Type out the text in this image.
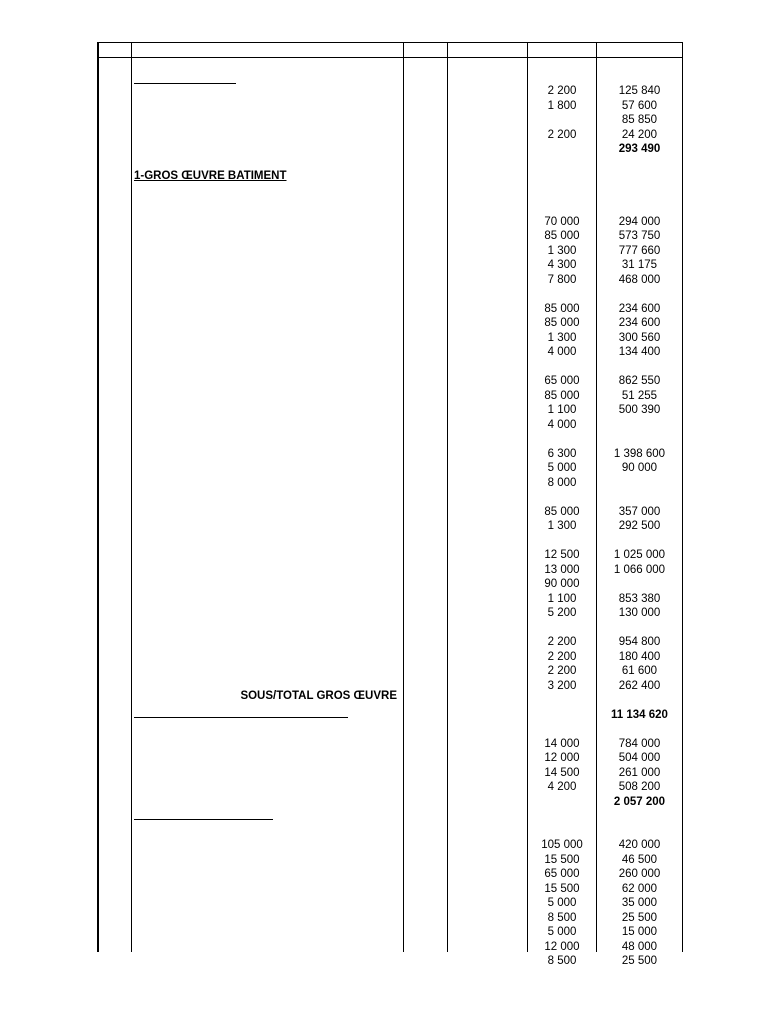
1-GROS ŒUVRE BATIMENT
SOUS/TOTAL GROS ŒUVRE
2 200
1 800
2 200
70 000
85 000
1 300
4 300
7 800
85 000
85 000
1 300
4 000
65 000
85 000
1 100
4 000
6 300
5 000
8 000
85 000
1 300
12 500
13 000
90 000
1 100
5 200
2 200
2 200
2 200
3 200
14 000
12 000
14 500
4 200
105 000
15 500
65 000
15 500
5 000
8 500
5 000
12 000
8 500
125 840
57 600
85 850
24 200
293 490
294 000
573 750
777 660
31 175
468 000
234 600
234 600
300 560
134 400
862 550
51 255
500 390
1 398 600
90 000
357 000
292 500
1 025 000
1 066 000
853 380
130 000
954 800
180 400
61 600
262 400
11 134 620
784 000
504 000
261 000
508 200
2 057 200
420 000
46 500
260 000
62 000
35 000
25 500
15 000
48 000
25 500
